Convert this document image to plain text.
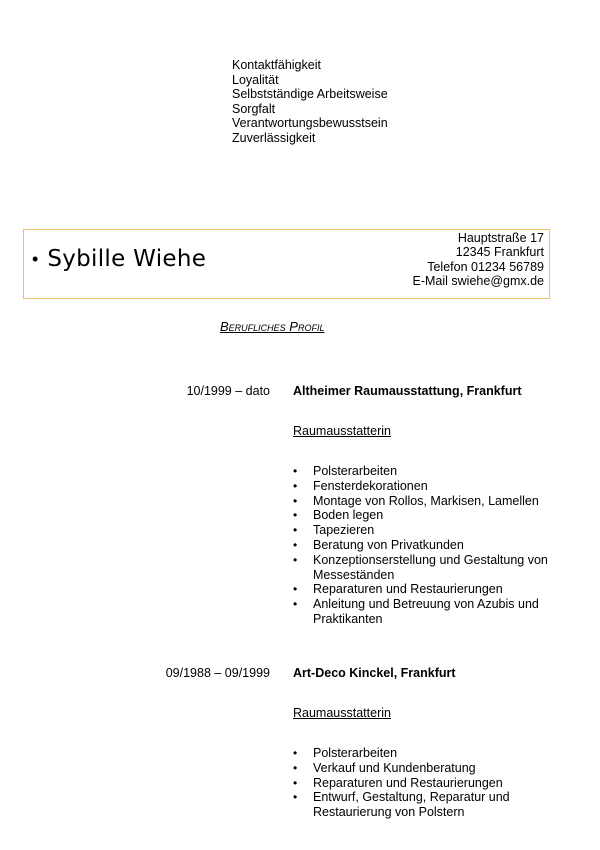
Kontaktfähigkeit
Loyalität
Selbstständige Arbeitsweise
Sorgfalt
Verantwortungsbewusstsein
Zuverlässigkeit
• Sybille Wiehe
Hauptstraße 17
12345 Frankfurt
Telefon 01234 56789
E-Mail swiehe@gmx.de
Berufliches Profil
10/1999 – dato Altheimer Raumausstattung, Frankfurt
Raumausstatterin
• Polsterarbeiten
• Fensterdekorationen
• Montage von Rollos, Markisen, Lamellen
• Boden legen
• Tapezieren
• Beratung von Privatkunden
• Konzeptionserstellung und Gestaltung von Messeständen
• Reparaturen und Restaurierungen
• Anleitung und Betreuung von Azubis und Praktikanten
09/1988 – 09/1999 Art-Deco Kinckel, Frankfurt
Raumausstatterin
• Polsterarbeiten
• Verkauf und Kundenberatung
• Reparaturen und Restaurierungen
• Entwurf, Gestaltung, Reparatur und Restaurierung von Polstern
